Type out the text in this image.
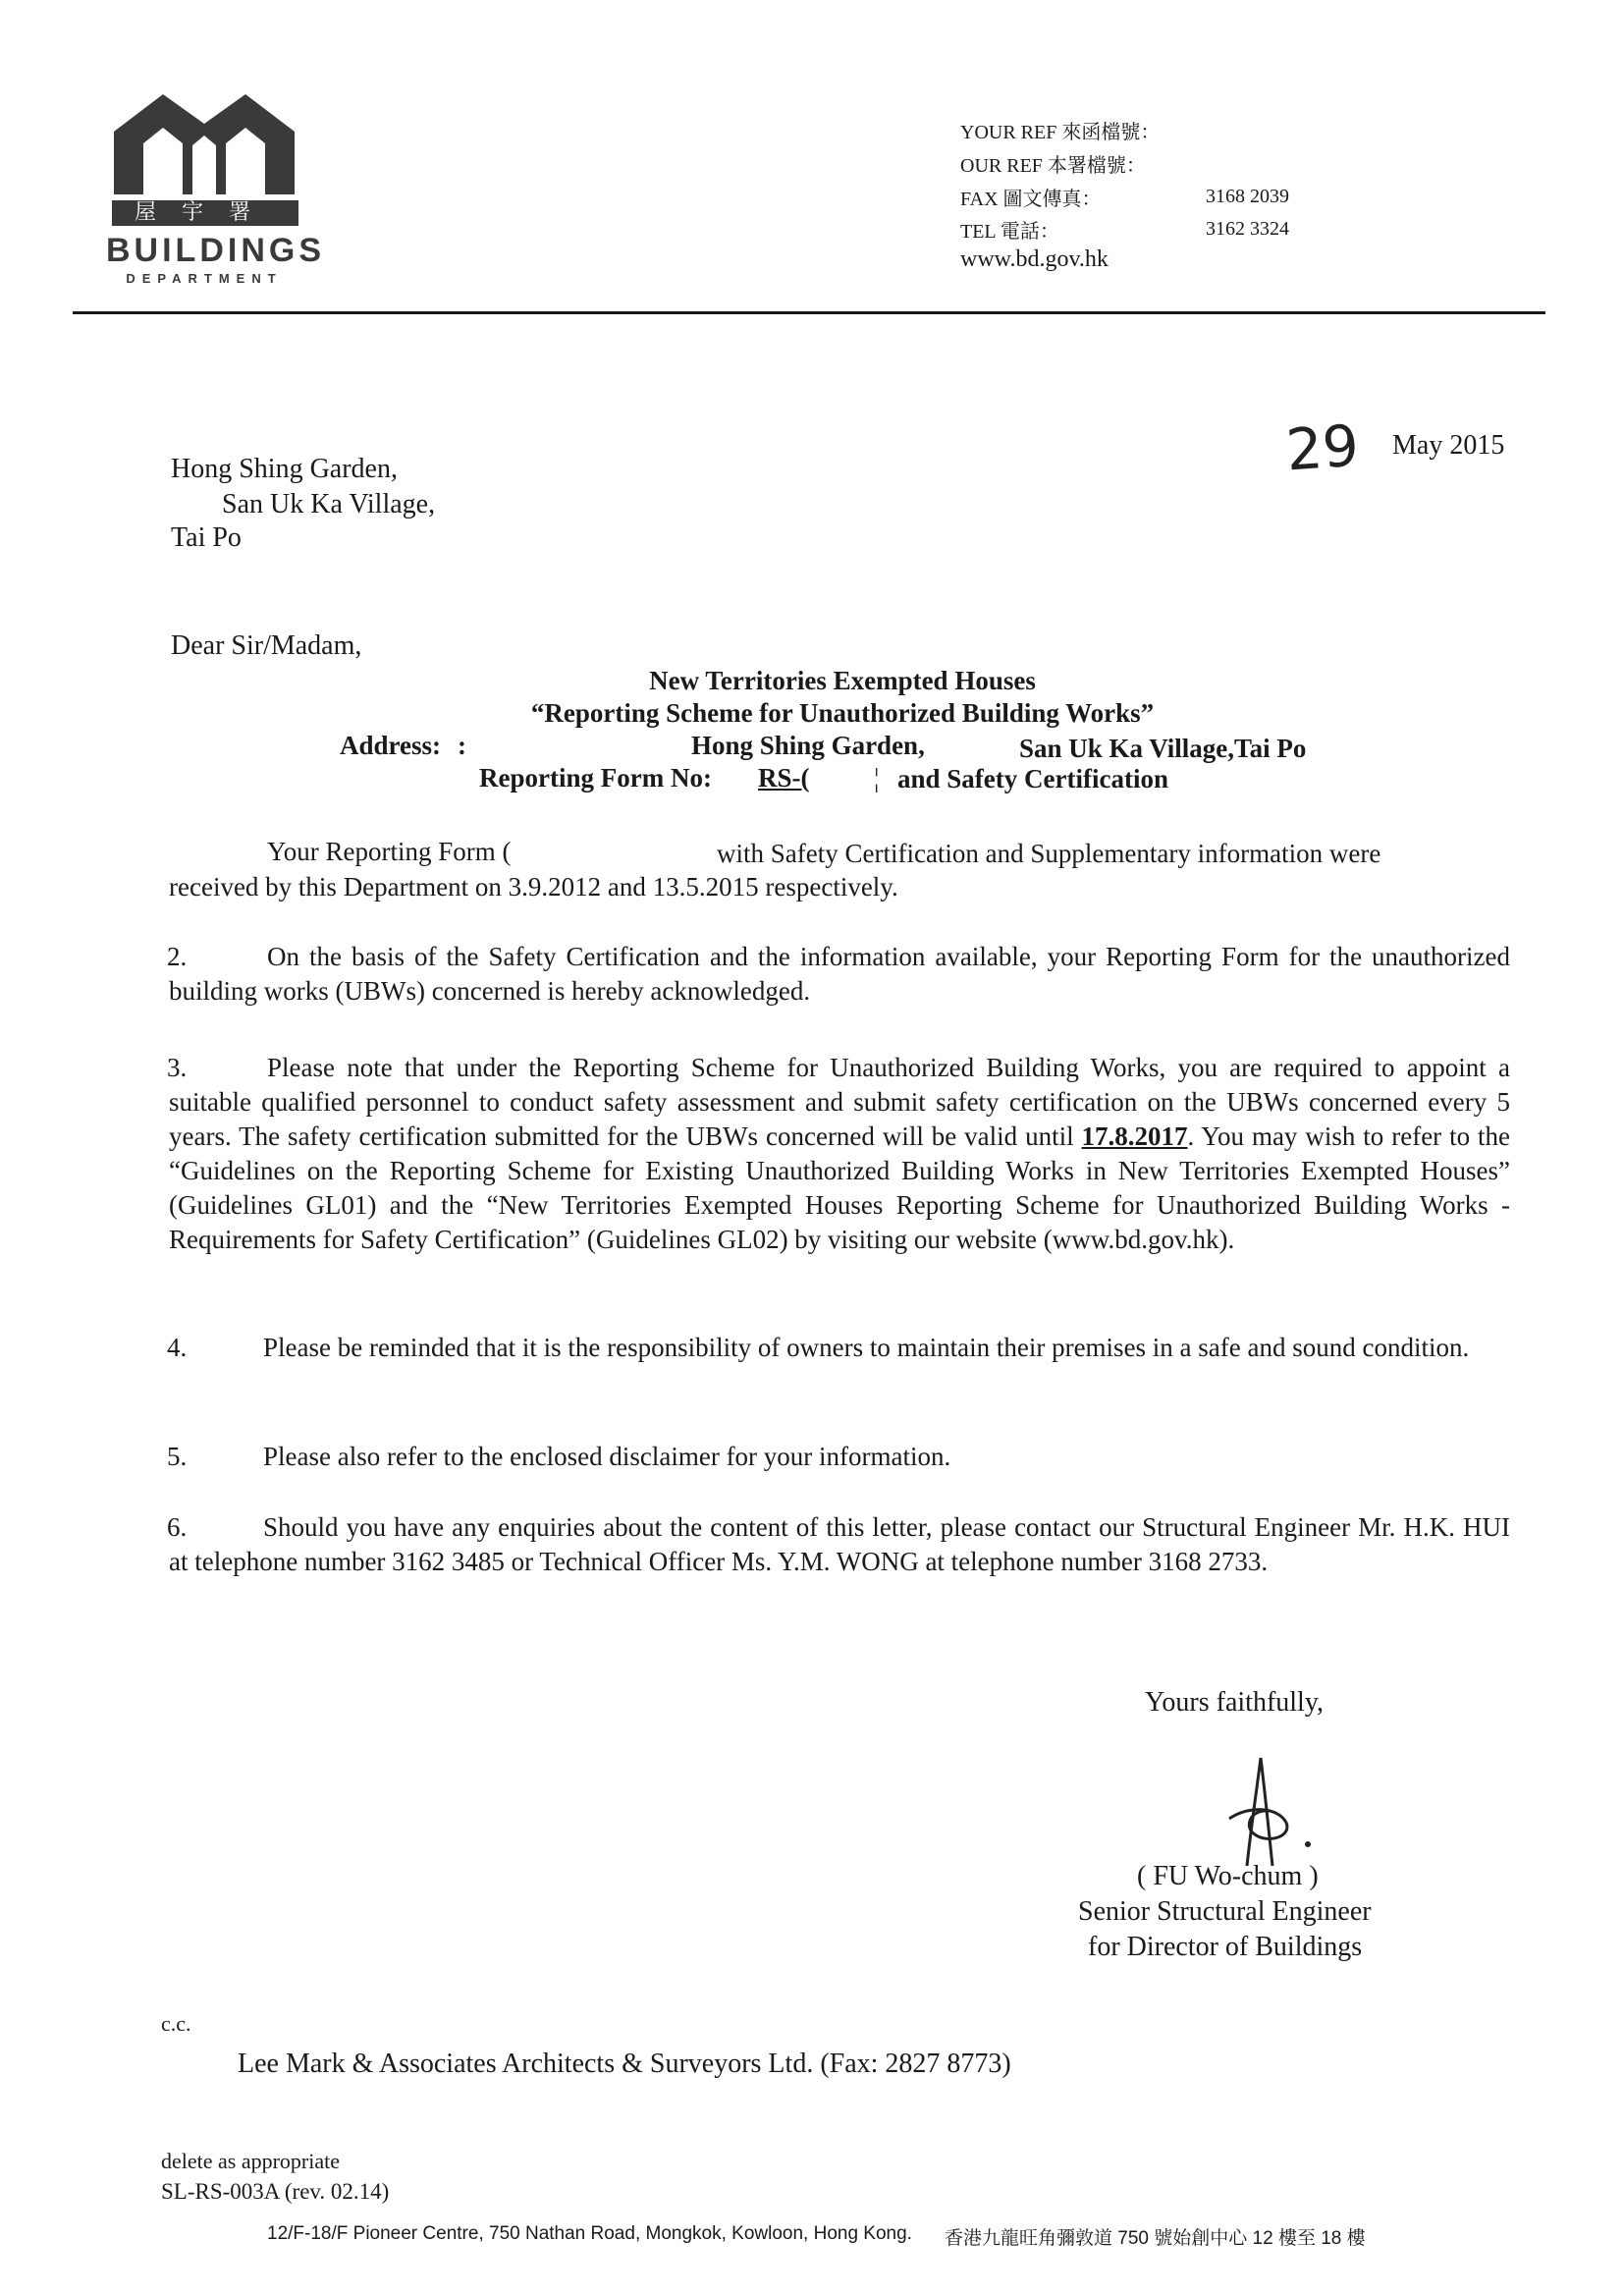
屋宇署
BUILDINGS
DEPARTMENT
YOUR REF 來函檔號：
OUR REF 本署檔號：
FAX 圖文傳真：	3168 2039
TEL 電話：	3162 3324
www.bd.gov.hk
Hong Shing Garden,
San Uk Ka Village,
Tai Po
29 May 2015
Dear Sir/Madam,
New Territories Exempted Houses
“Reporting Scheme for Unauthorized Building Works”
Address: :	Hong Shing Garden,	San Uk Ka Village,Tai Po
Reporting Form No: RS-( ¦ and Safety Certification
Your Reporting Form (	with Safety Certification and Supplementary information were
received by this Department on 3.9.2012 and 13.5.2015 respectively.
2.	On the basis of the Safety Certification and the information available, your Reporting Form for the unauthorized building works (UBWs) concerned is hereby acknowledged.
3.	Please note that under the Reporting Scheme for Unauthorized Building Works, you are required to appoint a suitable qualified personnel to conduct safety assessment and submit safety certification on the UBWs concerned every 5 years. The safety certification submitted for the UBWs concerned will be valid until 17.8.2017. You may wish to refer to the “Guidelines on the Reporting Scheme for Existing Unauthorized Building Works in New Territories Exempted Houses” (Guidelines GL01) and the “New Territories Exempted Houses Reporting Scheme for Unauthorized Building Works - Requirements for Safety Certification” (Guidelines GL02) by visiting our website (www.bd.gov.hk).
4.	Please be reminded that it is the responsibility of owners to maintain their premises in a safe and sound condition.
5.	Please also refer to the enclosed disclaimer for your information.
6.	Should you have any enquiries about the content of this letter, please contact our Structural Engineer Mr. H.K. HUI at telephone number 3162 3485 or Technical Officer Ms. Y.M. WONG at telephone number 3168 2733.
Yours faithfully,
( FU Wo-chum )
Senior Structural Engineer
for Director of Buildings
c.c.
Lee Mark & Associates Architects & Surveyors Ltd. (Fax: 2827 8773)
delete as appropriate
SL-RS-003A (rev. 02.14)
12/F-18/F Pioneer Centre, 750 Nathan Road, Mongkok, Kowloon, Hong Kong. 香港九龍旺角彌敦道 750 號始創中心 12 樓至 18 樓
